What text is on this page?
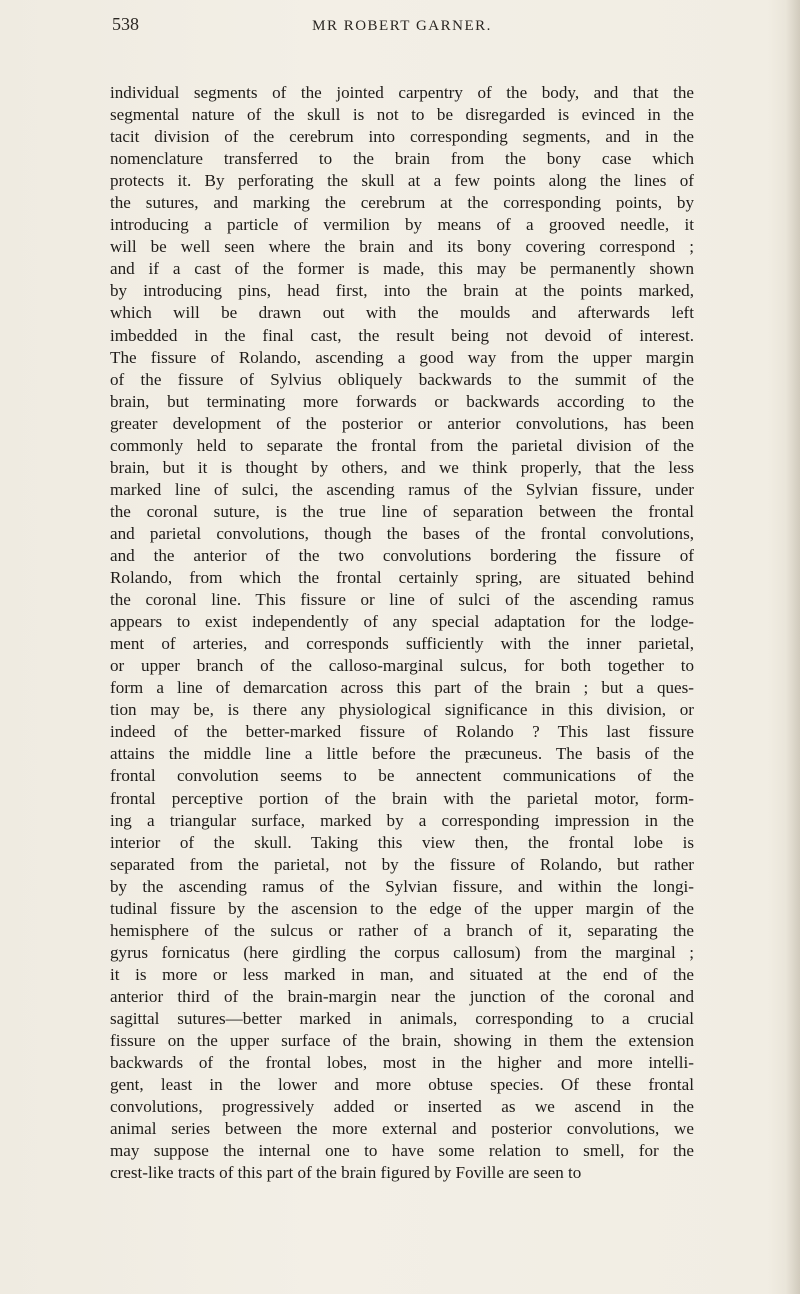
538	MR ROBERT GARNER.
individual segments of the jointed carpentry of the body, and that the
segmental nature of the skull is not to be disregarded is evinced in the
tacit division of the cerebrum into corresponding segments, and in the
nomenclature transferred to the brain from the bony case which
protects it. By perforating the skull at a few points along the lines of
the sutures, and marking the cerebrum at the corresponding points, by
introducing a particle of vermilion by means of a grooved needle, it
will be well seen where the brain and its bony covering correspond ;
and if a cast of the former is made, this may be permanently shown
by introducing pins, head first, into the brain at the points marked,
which will be drawn out with the moulds and afterwards left
imbedded in the final cast, the result being not devoid of interest.
The fissure of Rolando, ascending a good way from the upper margin
of the fissure of Sylvius obliquely backwards to the summit of the
brain, but terminating more forwards or backwards according to the
greater development of the posterior or anterior convolutions, has been
commonly held to separate the frontal from the parietal division of the
brain, but it is thought by others, and we think properly, that the less
marked line of sulci, the ascending ramus of the Sylvian fissure, under
the coronal suture, is the true line of separation between the frontal
and parietal convolutions, though the bases of the frontal convolutions,
and the anterior of the two convolutions bordering the fissure of
Rolando, from which the frontal certainly spring, are situated behind
the coronal line. This fissure or line of sulci of the ascending ramus
appears to exist independently of any special adaptation for the lodge-
ment of arteries, and corresponds sufficiently with the inner parietal,
or upper branch of the calloso-marginal sulcus, for both together to
form a line of demarcation across this part of the brain ; but a ques-
tion may be, is there any physiological significance in this division, or
indeed of the better-marked fissure of Rolando ? This last fissure
attains the middle line a little before the præcuneus. The basis of the
frontal convolution seems to be annectent communications of the
frontal perceptive portion of the brain with the parietal motor, form-
ing a triangular surface, marked by a corresponding impression in the
interior of the skull. Taking this view then, the frontal lobe is
separated from the parietal, not by the fissure of Rolando, but rather
by the ascending ramus of the Sylvian fissure, and within the longi-
tudinal fissure by the ascension to the edge of the upper margin of the
hemisphere of the sulcus or rather of a branch of it, separating the
gyrus fornicatus (here girdling the corpus callosum) from the marginal ;
it is more or less marked in man, and situated at the end of the
anterior third of the brain-margin near the junction of the coronal and
sagittal sutures—better marked in animals, corresponding to a crucial
fissure on the upper surface of the brain, showing in them the extension
backwards of the frontal lobes, most in the higher and more intelli-
gent, least in the lower and more obtuse species. Of these frontal
convolutions, progressively added or inserted as we ascend in the
animal series between the more external and posterior convolutions, we
may suppose the internal one to have some relation to smell, for the
crest-like tracts of this part of the brain figured by Foville are seen to
